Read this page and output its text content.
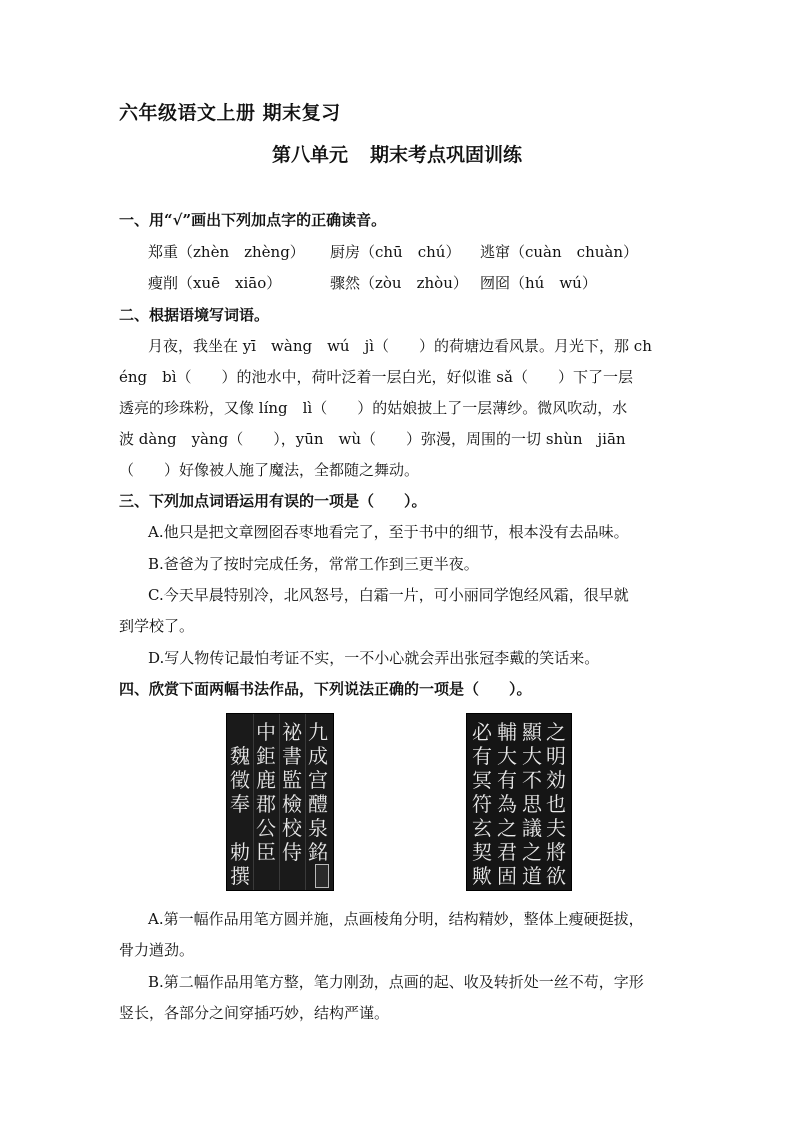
六年级语文上册 期末复习
第八单元 期末考点巩固训练
一、用“√”画出下列加点字的正确读音。
郑重（zhèn　zhèng） 厨房（chū　chú） 逃窜（cuàn　chuàn）
瘦削（xuē　xiāo）	骤然（zòu　zhòu） 囫囵（hú　wú）
二、根据语境写词语。
月夜，我坐在 yī　wàng　wú　jì（　　）的荷塘边看风景。月光下，那 ch
éng　bì（　　）的池水中，荷叶泛着一层白光，好似谁 sǎ（　　）下了一层
透亮的珍珠粉，又像 líng　lì（　　）的姑娘披上了一层薄纱。微风吹动，水
波 dàng　yàng（　　），yūn　wù（　　）弥漫，周围的一切 shùn　jiān
（　　）好像被人施了魔法，全都随之舞动。
三、下列加点词语运用有误的一项是（　　）。
A.他只是把文章囫囵吞枣地看完了，至于书中的细节，根本没有去品味。
B.爸爸为了按时完成任务，常常工作到三更半夜。
C.今天早晨特别冷，北风怒号，白霜一片，可小丽同学饱经风霜，很早就
到学校了。
D.写人物传记最怕考证不实，一不小心就会弄出张冠李戴的笑话来。
四、欣赏下面两幅书法作品，下列说法正确的一项是（　　）。
九
成
宫
醴
泉
銘
祕
書
監
檢
校
侍
中
鉅
鹿
郡
公
臣
魏
徵
奉

勅
撰
之
明
効
也
夫
將
欲
顯
大
不
思
議
之
道
輔
大
有
為
之
君
固
必
有
冥
符
玄
契
歟
A.第一幅作品用笔方圆并施，点画棱角分明，结构精妙，整体上瘦硬挺拔，
骨力遒劲。
B.第二幅作品用笔方整，笔力刚劲，点画的起、收及转折处一丝不苟，字形
竖长，各部分之间穿插巧妙，结构严谨。
